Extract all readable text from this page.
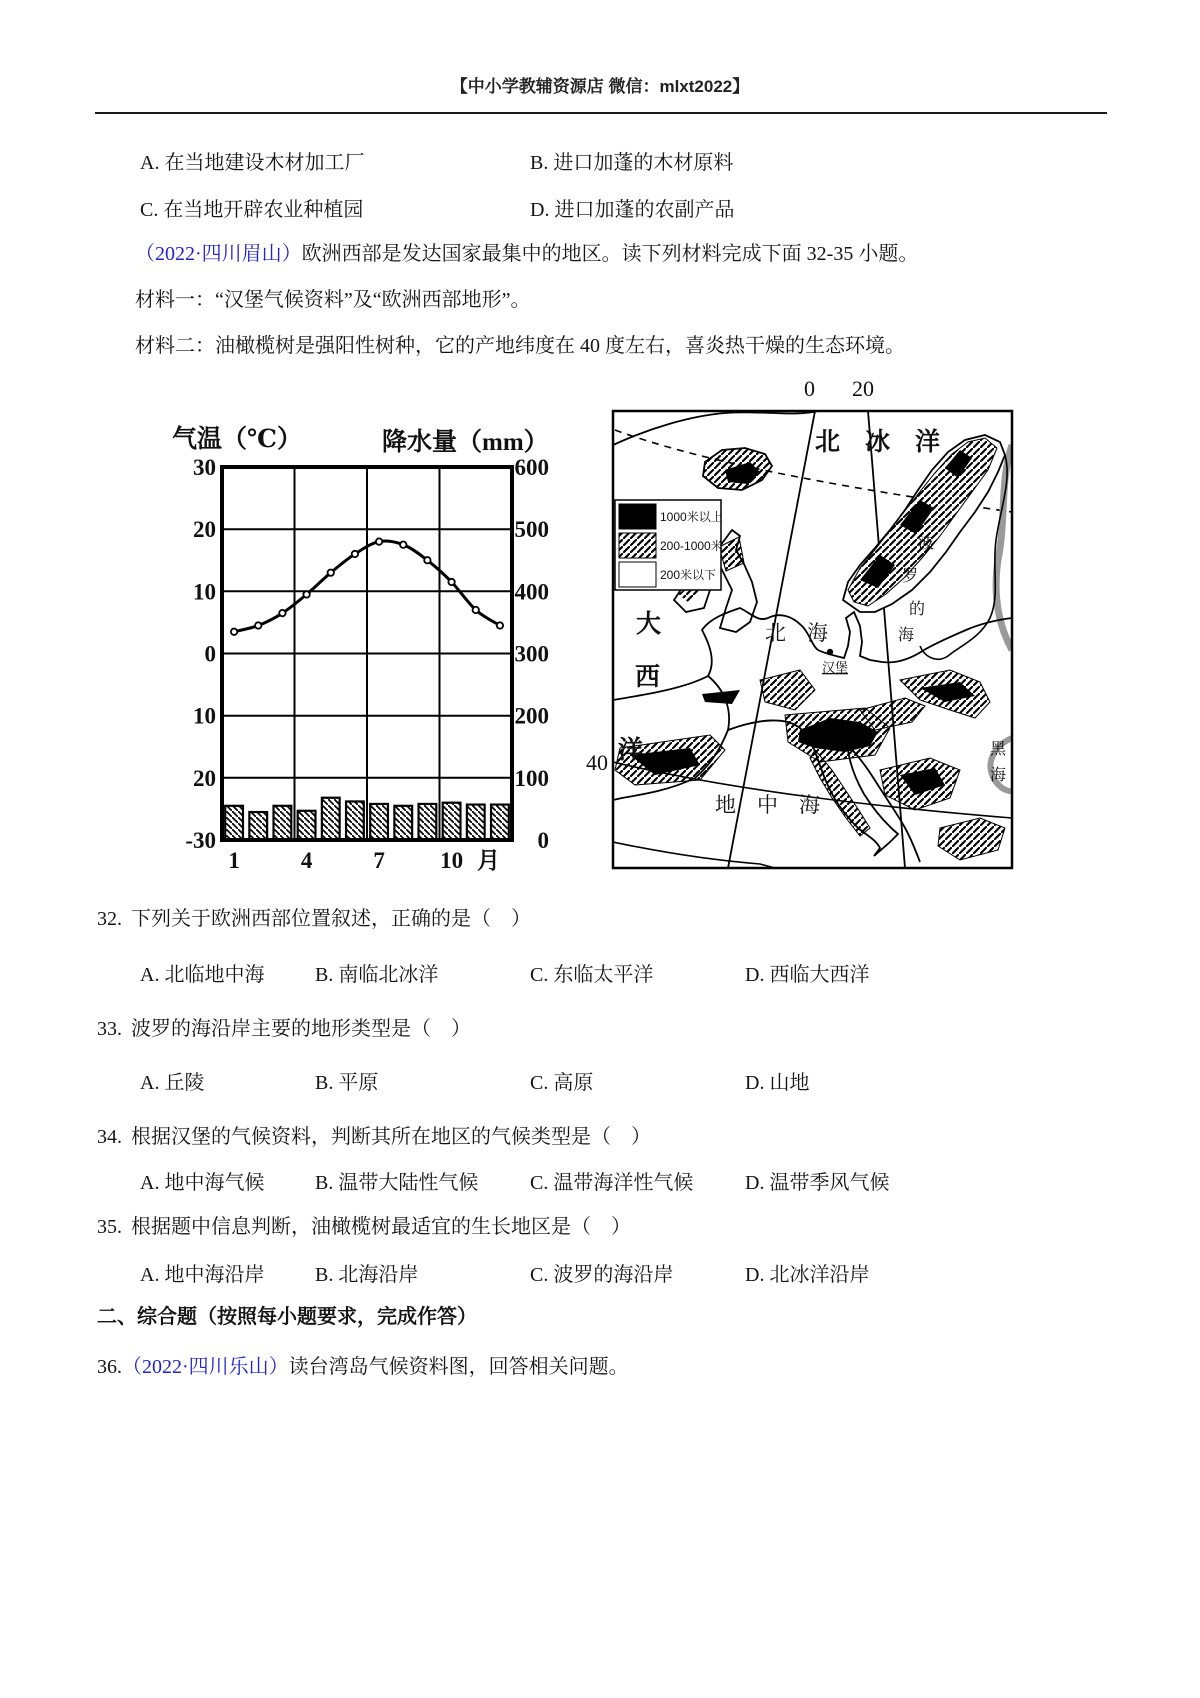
【中小学教辅资源店 微信：mlxt2022】
A. 在当地建设木材加工厂	B. 进口加蓬的木材原料
C. 在当地开辟农业种植园	D. 进口加蓬的农副产品
（2022·四川眉山）欧洲西部是发达国家最集中的地区。读下列材料完成下面 32-35 小题。
材料一：“汉堡气候资料”及“欧洲西部地形”。
材料二：油橄榄树是强阳性树种，它的产地纬度在 40 度左右，喜炎热干燥的生态环境。
气温（℃）	降水量（mm）
30
20
10
0
10
20
-30
600
500
400
300
200
100
0
1	4	7 10 月
0 20
40
北　冰　洋
大
西
洋
北　海
波
罗
的
海
汉堡
地　中　海
黑
海
1000米以上
200-1000米
200米以下
32. 下列关于欧洲西部位置叙述，正确的是（　）
A. 北临地中海	B. 南临北冰洋	C. 东临太平洋	D. 西临大西洋
33. 波罗的海沿岸主要的地形类型是（　）
A. 丘陵	B. 平原	C. 高原	D. 山地
34. 根据汉堡的气候资料，判断其所在地区的气候类型是（　）
A. 地中海气候	B. 温带大陆性气候	C. 温带海洋性气候	D. 温带季风气候
35. 根据题中信息判断，油橄榄树最适宜的生长地区是（　）
A. 地中海沿岸	B. 北海沿岸	C. 波罗的海沿岸	D. 北冰洋沿岸
二、综合题（按照每小题要求，完成作答）
36.（2022·四川乐山）读台湾岛气候资料图，回答相关问题。
